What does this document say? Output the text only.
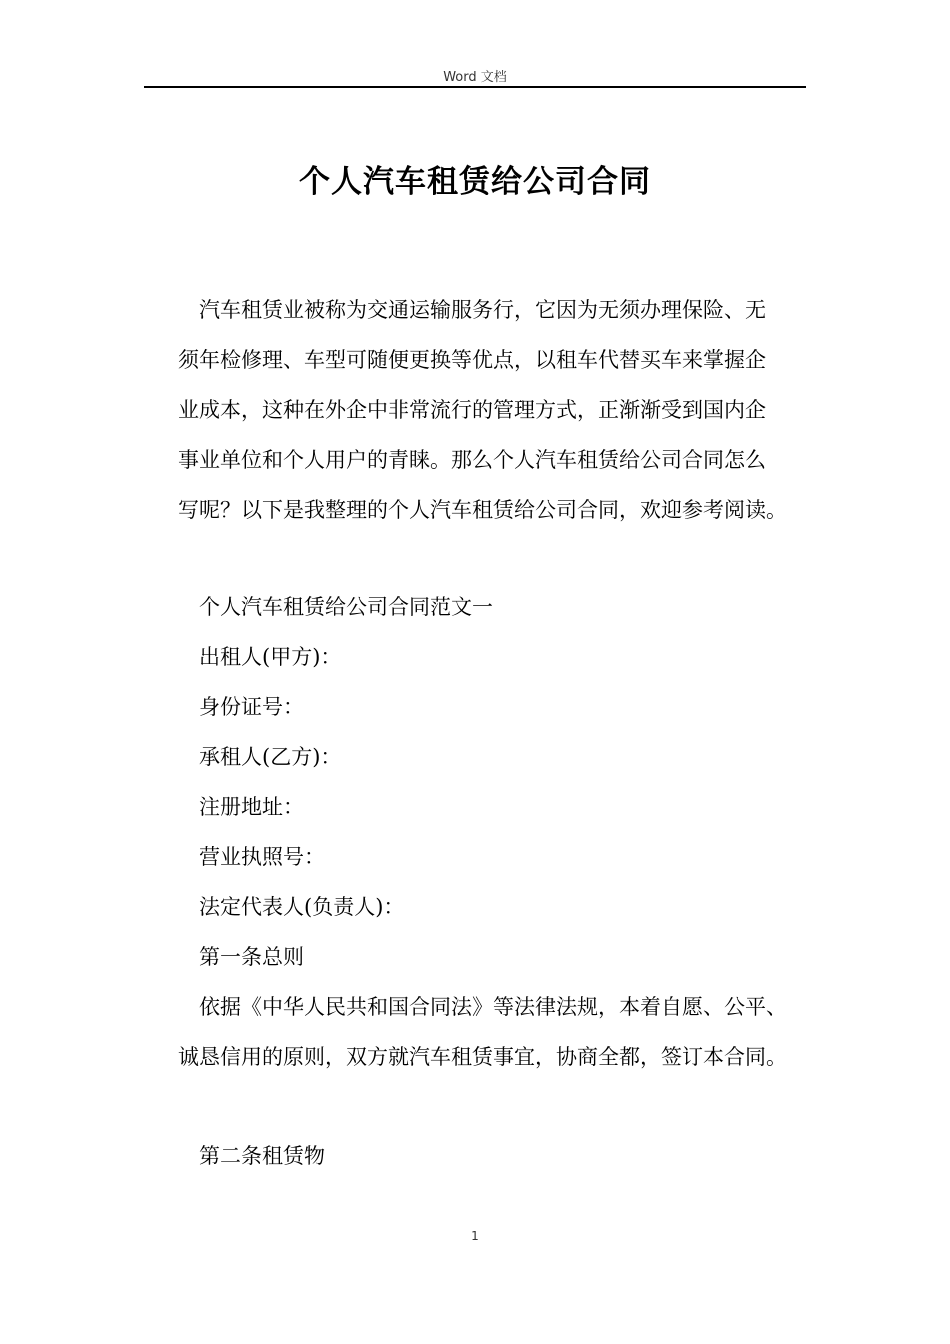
Word 文档
个人汽车租赁给公司合同
汽车租赁业被称为交通运输服务行，它因为无须办理保险、无
须年检修理、车型可随便更换等优点，以租车代替买车来掌握企
业成本，这种在外企中非常流行的管理方式，正渐渐受到国内企
事业单位和个人用户的青睐。那么个人汽车租赁给公司合同怎么
写呢？以下是我整理的个人汽车租赁给公司合同，欢迎参考阅读。
个人汽车租赁给公司合同范文一
出租人(甲方)：
身份证号：
承租人(乙方)：
注册地址：
营业执照号：
法定代表人(负责人)：
第一条总则
依据《中华人民共和国合同法》等法律法规，本着自愿、公平、
诚恳信用的原则，双方就汽车租赁事宜，协商全都，签订本合同。
第二条租赁物
1
